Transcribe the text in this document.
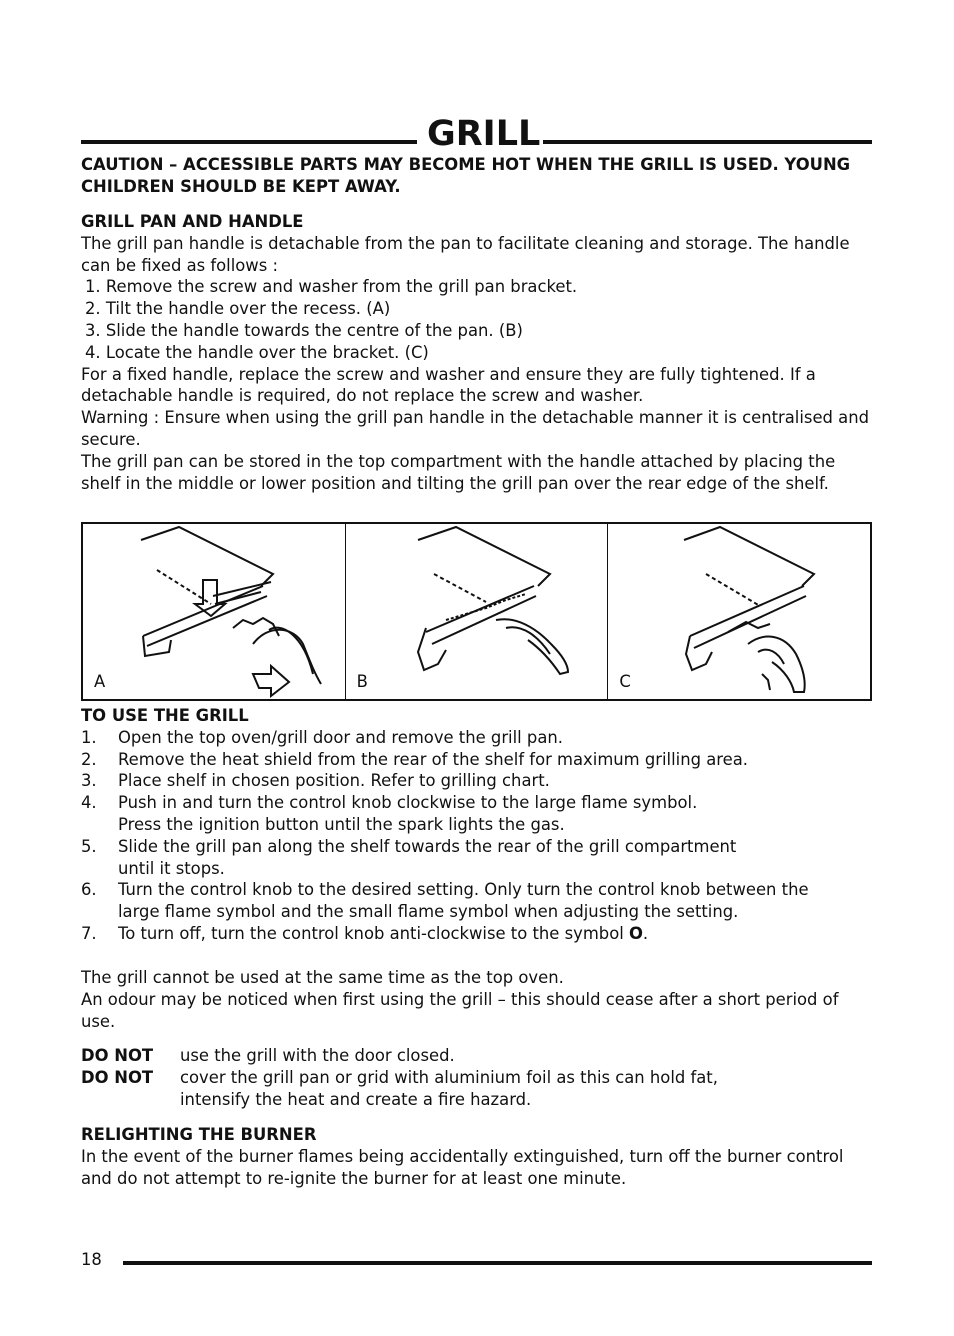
GRILL
CAUTION – ACCESSIBLE PARTS MAY BECOME HOT WHEN THE GRILL IS USED. YOUNG CHILDREN SHOULD BE KEPT AWAY.

GRILL PAN AND HANDLE

The grill pan handle is detachable from the pan to facilitate cleaning and storage. The handle can be fixed as follows :

1. Remove the screw and washer from the grill pan bracket.
2. Tilt the handle over the recess. (A)
3. Slide the handle towards the centre of the pan. (B)
4. Locate the handle over the bracket. (C)

For a fixed handle, replace the screw and washer and ensure they are fully tightened. If a detachable handle is required, do not replace the screw and washer.

Warning : Ensure when using the grill pan handle in the detachable manner it is centralised and secure.

The grill pan can be stored in the top compartment with the handle attached by placing the shelf in the middle or lower position and tilting the grill pan over the rear edge of the shelf.

A	B	C

TO USE THE GRILL

1.	Open the top oven/grill door and remove the grill pan.
2.	Remove the heat shield from the rear of the shelf for maximum grilling area.
3.	Place shelf in chosen position. Refer to grilling chart.
4.	Push in and turn the control knob clockwise to the large flame symbol.
Press the ignition button until the spark lights the gas.
5.	Slide the grill pan along the shelf towards the rear of the grill compartment
until it stops.
6.	Turn the control knob to the desired setting. Only turn the control knob between the
large flame symbol and the small flame symbol when adjusting the setting.
7.	To turn off, turn the control knob anti-clockwise to the symbol O.

The grill cannot be used at the same time as the top oven.

An odour may be noticed when first using the grill – this should cease after a short period of use.

DO NOT	use the grill with the door closed.
DO NOT	cover the grill pan or grid with aluminium foil as this can hold fat,
intensify the heat and create a fire hazard.

RELIGHTING THE BURNER

In the event of the burner flames being accidentally extinguished, turn off the burner control and do not attempt to re-ignite the burner for at least one minute.

18
